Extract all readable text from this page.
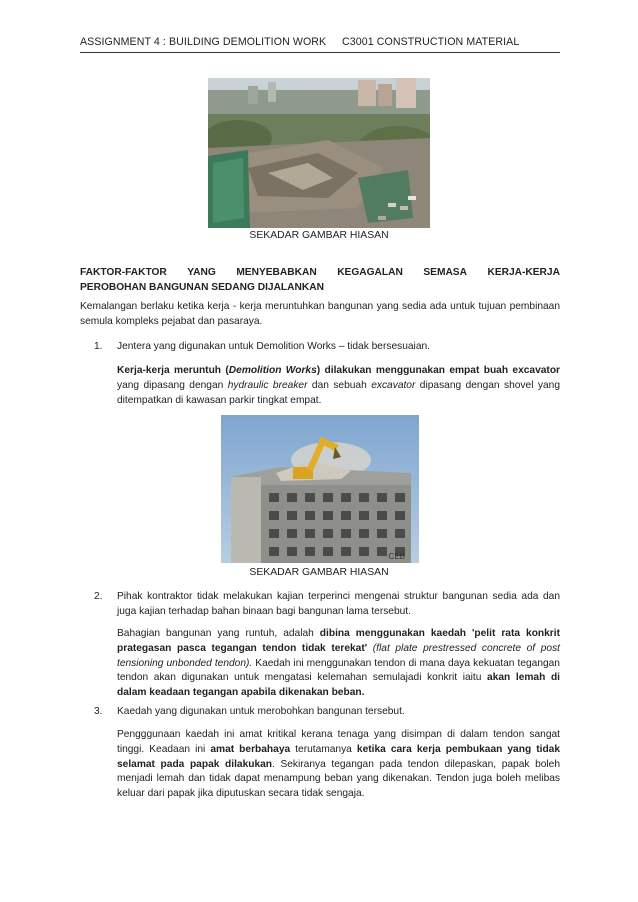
ASSIGNMENT 4 : BUILDING DEMOLITION WORK	C3001 CONSTRUCTION MATERIAL
SEKADAR GAMBAR HIASAN
FAKTOR-FAKTOR YANG MENYEBABKAN KEGAGALAN SEMASA KERJA-KERJA
PEROBOHAN BANGUNAN SEDANG DIJALANKAN
Kemalangan berlaku ketika kerja - kerja meruntuhkan bangunan yang sedia ada untuk tujuan pembinaan semula kompleks pejabat dan pasaraya.
1. Jentera yang digunakan untuk Demolition Works – tidak bersesuaian.
Kerja-kerja meruntuh (Demolition Works) dilakukan menggunakan empat buah excavator yang dipasang dengan hydraulic breaker dan sebuah excavator dipasang dengan shovel yang ditempatkan di kawasan parkir tingkat empat.
CEB
SEKADAR GAMBAR HIASAN
2. Pihak kontraktor tidak melakukan kajian terperinci mengenai struktur bangunan sedia ada dan juga kajian terhadap bahan binaan bagi bangunan lama tersebut.
Bahagian bangunan yang runtuh, adalah dibina menggunakan kaedah 'pelit rata konkrit prategasan pasca tegangan tendon tidak terekat' (flat plate prestressed concrete of post tensioning unbonded tendon). Kaedah ini menggunakan tendon di mana daya kekuatan tegangan tendon akan digunakan untuk mengatasi kelemahan semulajadi konkrit iaitu akan lemah di dalam keadaan tegangan apabila dikenakan beban.
3. Kaedah yang digunakan untuk merobohkan bangunan tersebut.
Pengggunaan kaedah ini amat kritikal kerana tenaga yang disimpan di dalam tendon sangat tinggi. Keadaan ini amat berbahaya terutamanya ketika cara kerja pembukaan yang tidak selamat pada papak dilakukan. Sekiranya tegangan pada tendon dilepaskan, papak boleh menjadi lemah dan tidak dapat menampung beban yang dikenakan. Tendon juga boleh melibas keluar dari papak jika diputuskan secara tidak sengaja.
